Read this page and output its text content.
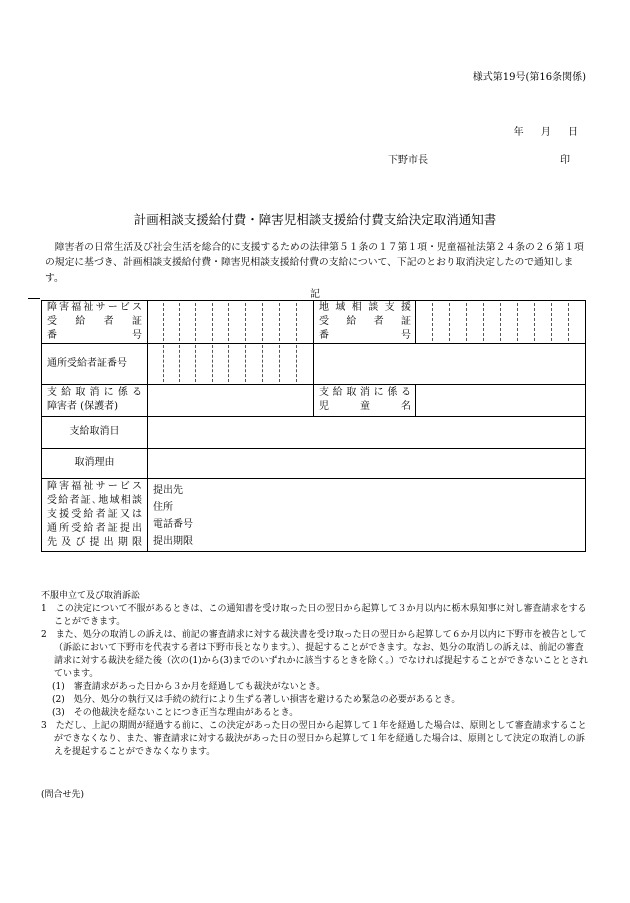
様式第19号(第16条関係)
年 月 日
下野市長	印
計画相談支援給付費・障害児相談支援給付費支給決定取消通知書
障害者の日常生活及び社会生活を総合的に支援するための法律第５１条の１７第１項・児童福祉法第２４条の２６第１項の規定に基づき、計画相談支援給付費・障害児相談支援給付費の支給について、下記のとおり取消決定したので通知します。
記
障害福祉サービス
受　給　者　証
番　　　　　号
地 域 相 談 支 援
受　給　者　証
番　　　　　号
通所受給者証番号
支給取消に係る
障害者 (保護者)
支給取消に係る
児　　　童　　　名
支給取消日
取消理由
障害福祉サービス
受給者証､地域相談
支援受給者証又は
通所受給者証提出
先 及 び 提 出 期 限
提出先
住所
電話番号
提出期限

不服申立て及び取消訴訟

1　この決定について不服があるときは、この通知書を受け取った日の翌日から起算して３か月以内に栃木県知事に対し審査請求をすることができます。

2　また、処分の取消しの訴えは、前記の審査請求に対する裁決書を受け取った日の翌日から起算して６か月以内に下野市を被告として（訴訟において下野市を代表する者は下野市長となります。）、提起することができます。なお、処分の取消しの訴えは、前記の審査請求に対する裁決を経た後（次の(1)から(3)までのいずれかに該当するときを除く。）でなければ提起することができないこととされています。

(1)　審査請求があった日から３か月を経過しても裁決がないとき。

(2)　処分、処分の執行又は手続の続行により生ずる著しい損害を避けるため緊急の必要があるとき。

(3)　その他裁決を経ないことにつき正当な理由があるとき。

3　ただし、上記の期間が経過する前に、この決定があった日の翌日から起算して１年を経過した場合は、原則として審査請求することができなくなり、また、審査請求に対する裁決があった日の翌日から起算して１年を経過した場合は、原則として決定の取消しの訴えを提起することができなくなります。

(問合せ先)
